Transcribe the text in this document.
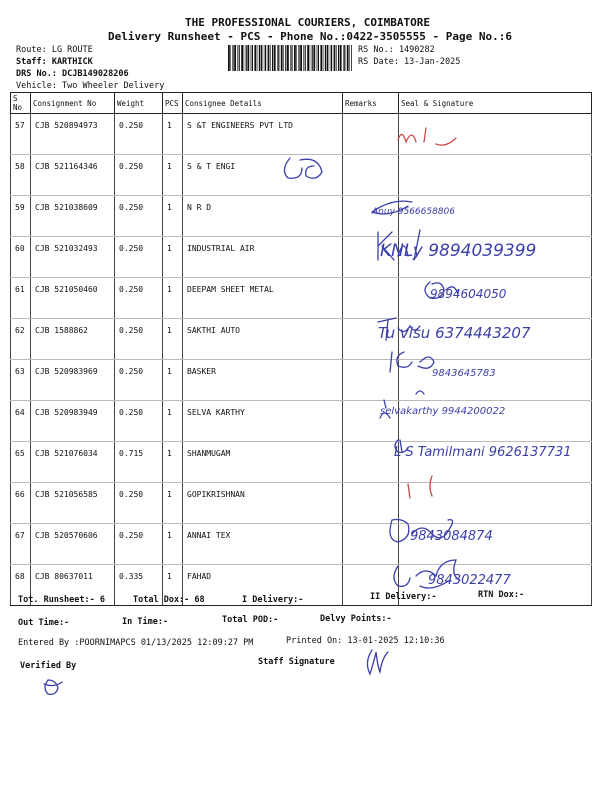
THE PROFESSIONAL COURIERS, COIMBATORE
Delivery Runsheet - PCS - Phone No.:0422-3505555 - Page No.:6
Route: LG ROUTE
Staff: KARTHICK
DRS No.: DCJB149028206
Vehicle: Two Wheeler Delivery
RS No.: 1490282
RS Date: 13-Jan-2025
S No	Consignment No	Weight	PCS	Consignee Details	Remarks	Seal & Signature
57	CJB 520894973	0.250	1	S &T ENGINEERS PVT LTD		
58	CJB 521164346	0.250	1	S & T ENGI		
59	CJB 521038609	0.250	1	N R D		
60	CJB 521032493	0.250	1	INDUSTRIAL AIR		
61	CJB 521050460	0.250	1	DEEPAM SHEET METAL		
62	CJB 1588862	0.250	1	SAKTHI AUTO		
63	CJB 520983969	0.250	1	BASKER		
64	CJB 520983949	0.250	1	SELVA KARTHY		
65	CJB 521076034	0.715	1	SHANMUGAM		
66	CJB 521056585	0.250	1	GOPIKRISHNAN		
67	CJB 520570606	0.250	1	ANNAI TEX		
68	CJB 80637011	0.335	1	FAHAD		
Anuy 9566658806
KNLy 9894039399
9894604050
Tu visu 6374443207
9843645783
selvakarthy 9944200022
L S Tamilmani 9626137731
9843084874
9843022477
Tot. Runsheet:- 6	Total Dox:- 68	I Delivery:-	II Delivery:-	RTN Dox:-
Out Time:-	In Time:-	Total POD:-	Delvy Points:-
Entered By :POORNIMAPCS 01/13/2025 12:09:27 PM	Printed On: 13-01-2025 12:10:36
Verified By	Staff Signature
